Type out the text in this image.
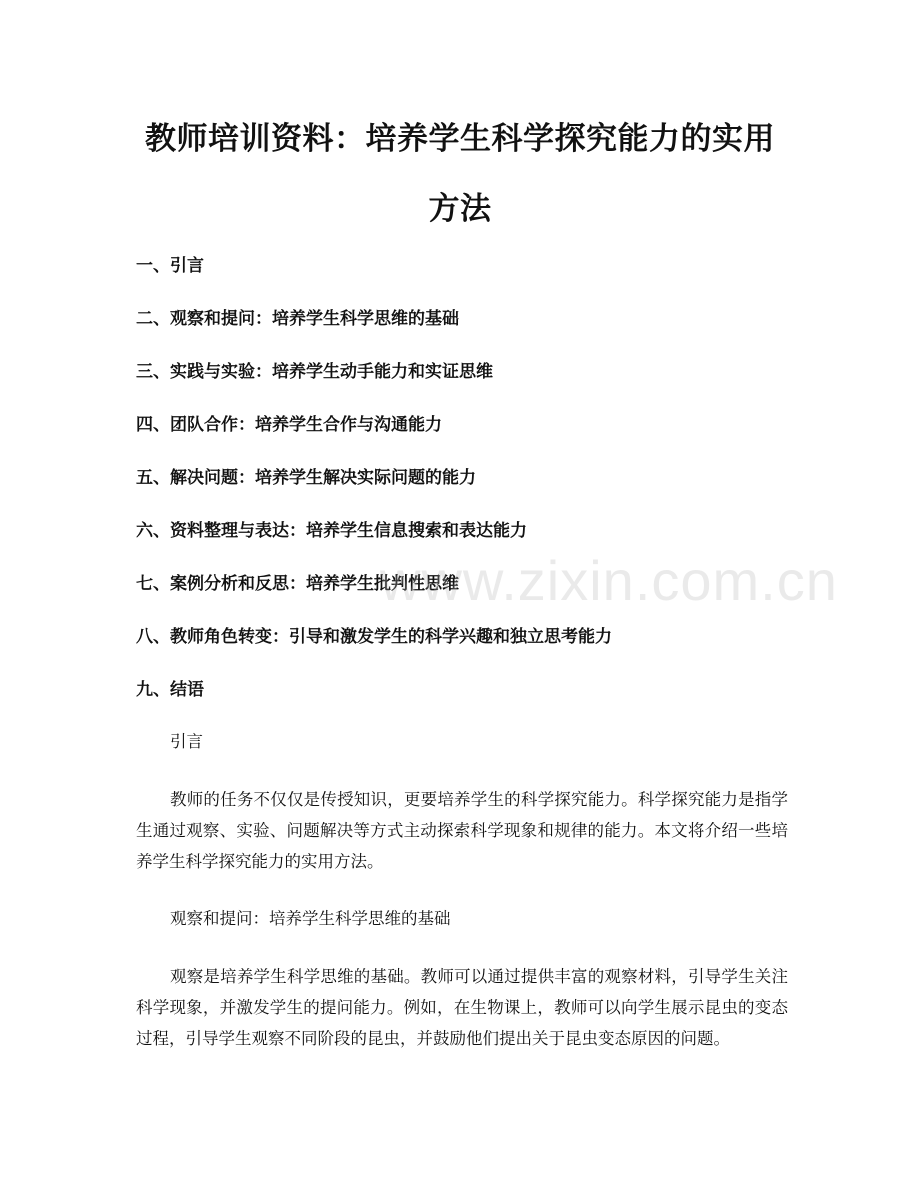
教师培训资料：培养学生科学探究能力的实用方法
一、引言
二、观察和提问：培养学生科学思维的基础
三、实践与实验：培养学生动手能力和实证思维
四、团队合作：培养学生合作与沟通能力
五、解决问题：培养学生解决实际问题的能力
六、资料整理与表达：培养学生信息搜索和表达能力
七、案例分析和反思：培养学生批判性思维
八、教师角色转变：引导和激发学生的科学兴趣和独立思考能力
九、结语

引言

教师的任务不仅仅是传授知识，更要培养学生的科学探究能力。科学探究能力是指学生通过观察、实验、问题解决等方式主动探索科学现象和规律的能力。本文将介绍一些培养学生科学探究能力的实用方法。

观察和提问：培养学生科学思维的基础

观察是培养学生科学思维的基础。教师可以通过提供丰富的观察材料，引导学生关注科学现象，并激发学生的提问能力。例如，在生物课上，教师可以向学生展示昆虫的变态过程，引导学生观察不同阶段的昆虫，并鼓励他们提出关于昆虫变态原因的问题。

www.zixin.com.cn
